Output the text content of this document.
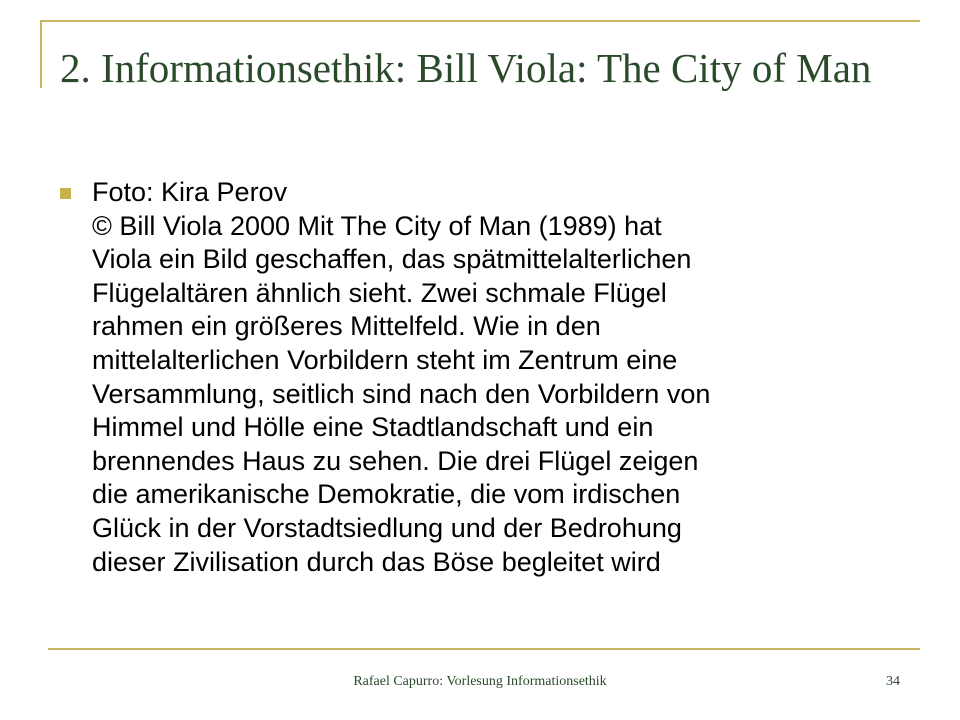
2. Informationsethik: Bill Viola: The City of Man
Foto: Kira Perov
© Bill Viola 2000 Mit The City of Man (1989) hat
Viola ein Bild geschaffen, das spätmittelalterlichen
Flügelaltären ähnlich sieht. Zwei schmale Flügel
rahmen ein größeres Mittelfeld. Wie in den
mittelalterlichen Vorbildern steht im Zentrum eine
Versammlung, seitlich sind nach den Vorbildern von
Himmel und Hölle eine Stadtlandschaft und ein
brennendes Haus zu sehen. Die drei Flügel zeigen
die amerikanische Demokratie, die vom irdischen
Glück in der Vorstadtsiedlung und der Bedrohung
dieser Zivilisation durch das Böse begleitet wird
Rafael Capurro: Vorlesung Informationsethik	34
